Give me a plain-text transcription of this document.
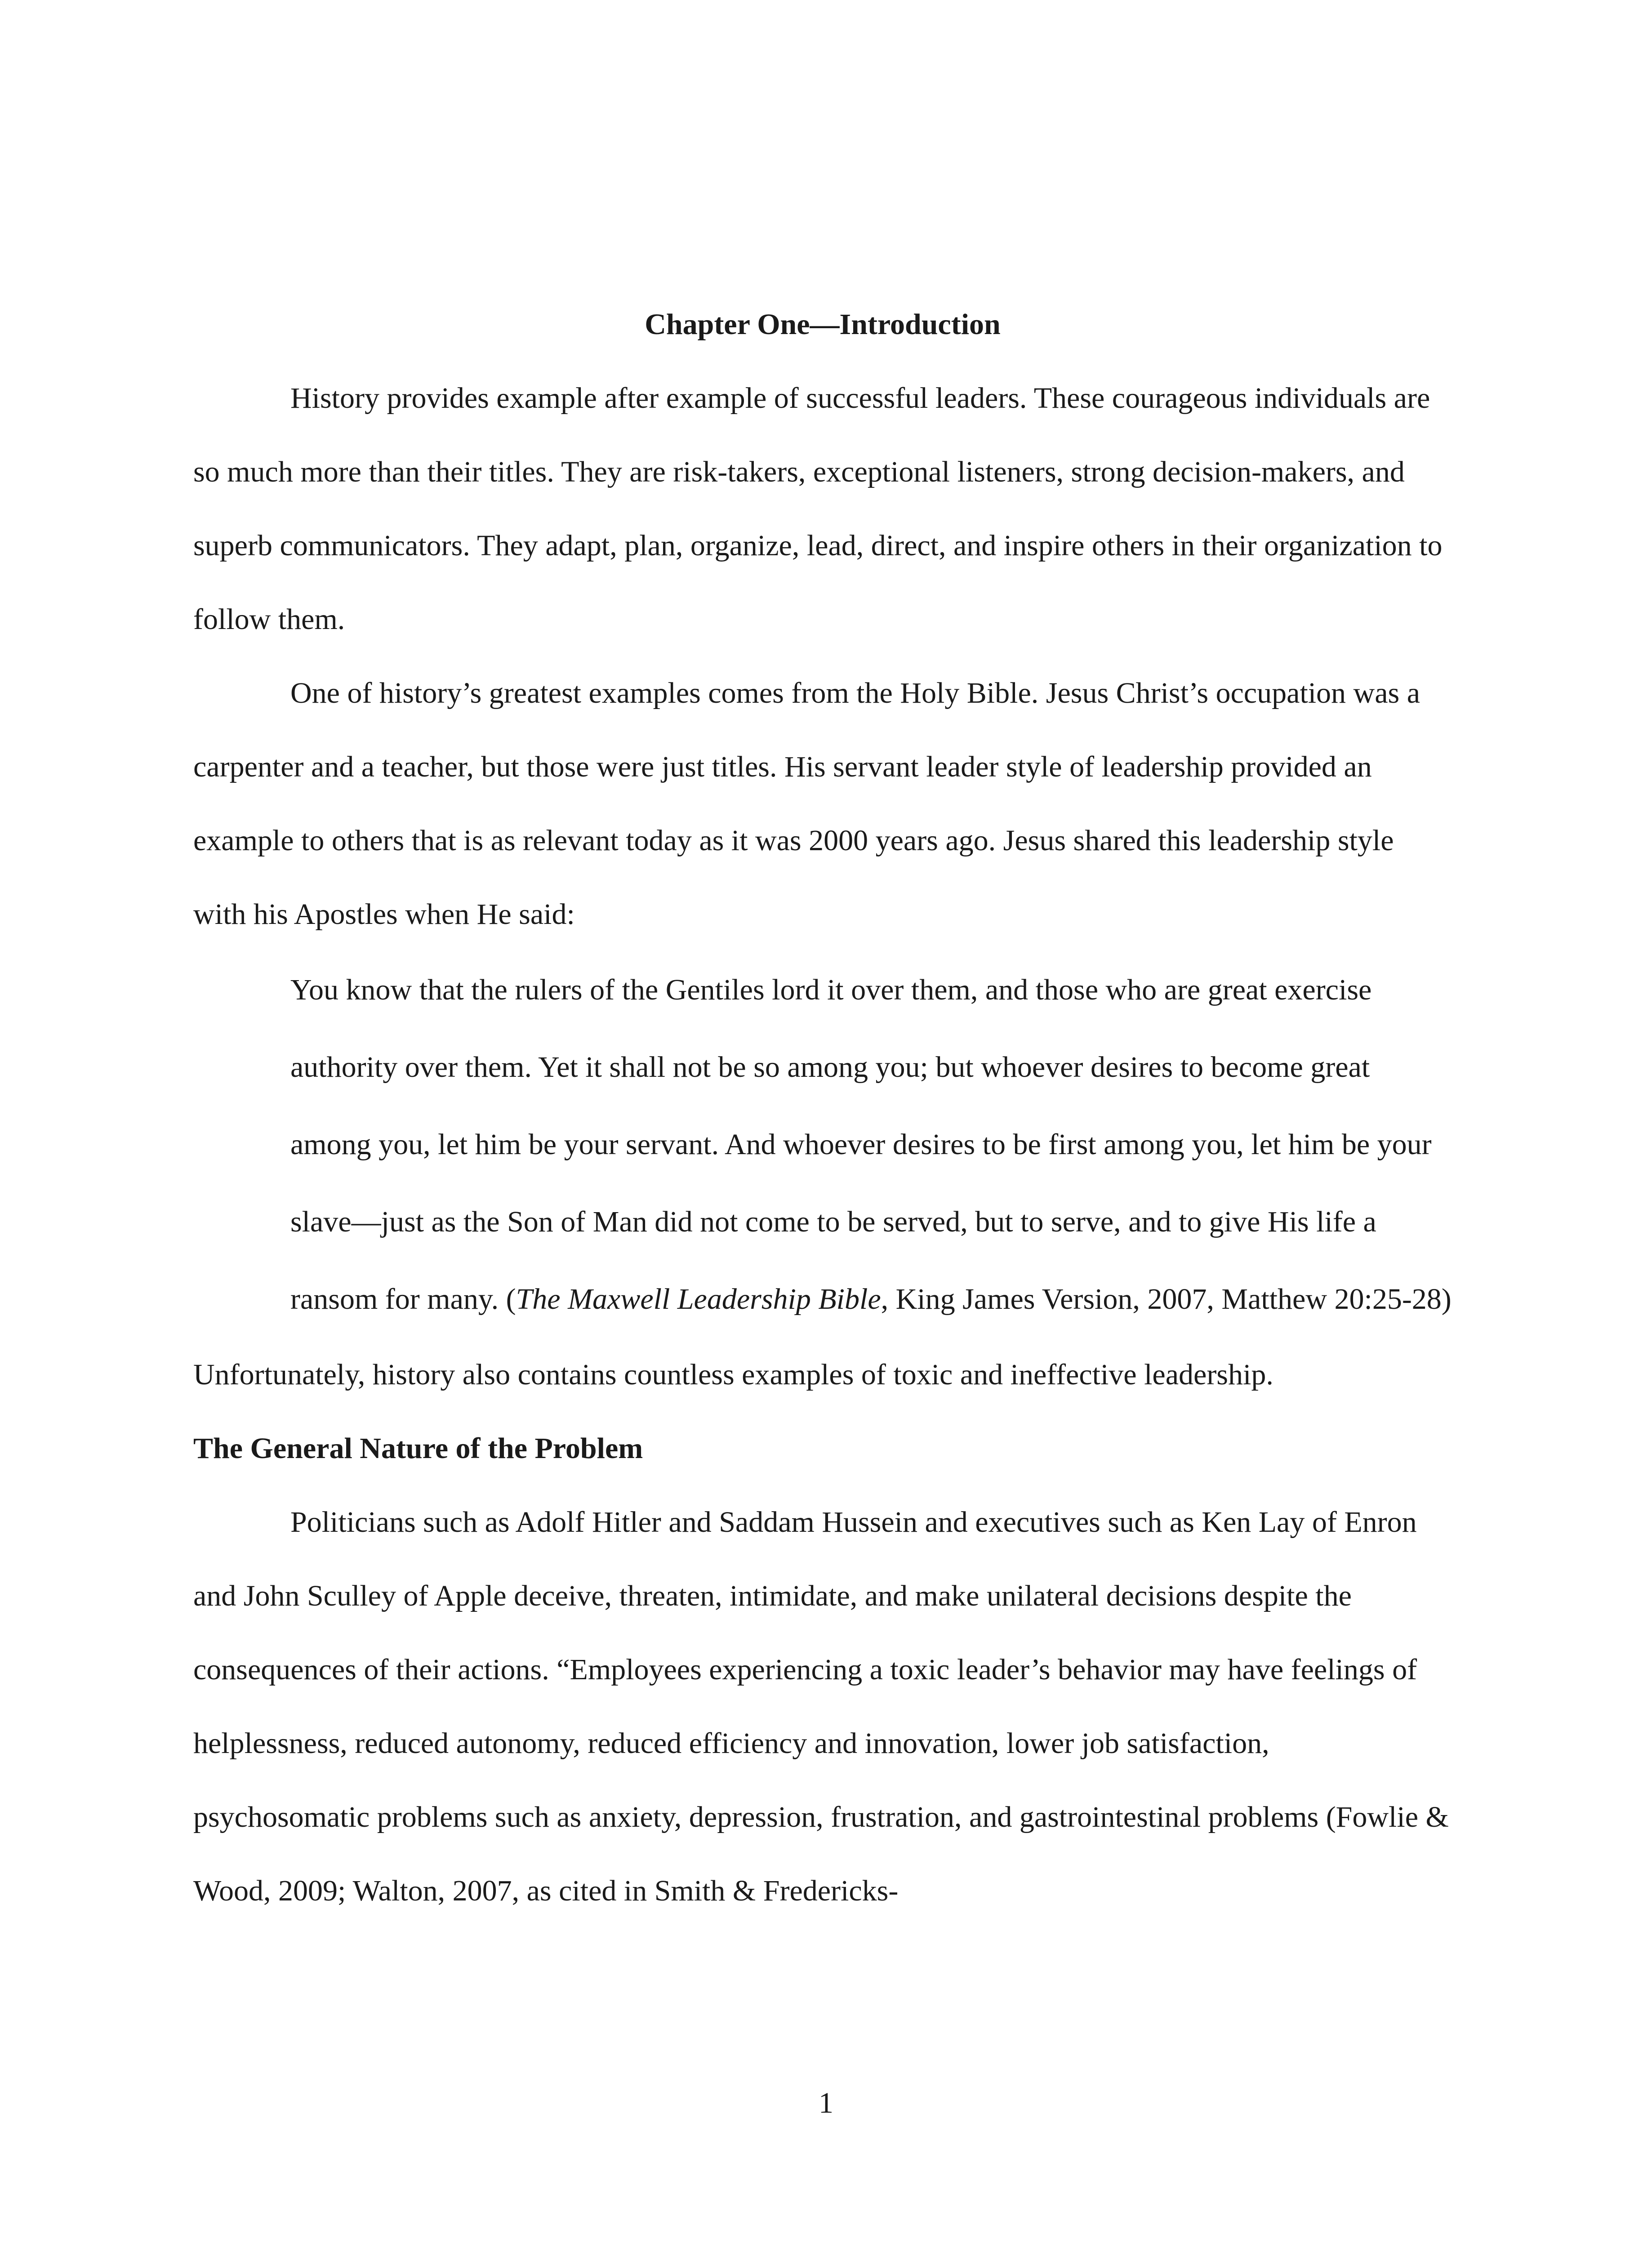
Chapter One—Introduction

History provides example after example of successful leaders. These courageous individuals are so much more than their titles. They are risk-takers, exceptional listeners, strong decision-makers, and superb communicators. They adapt, plan, organize, lead, direct, and inspire others in their organization to follow them.

One of history’s greatest examples comes from the Holy Bible. Jesus Christ’s occupation was a carpenter and a teacher, but those were just titles. His servant leader style of leadership provided an example to others that is as relevant today as it was 2000 years ago. Jesus shared this leadership style with his Apostles when He said:

You know that the rulers of the Gentiles lord it over them, and those who are great exercise authority over them. Yet it shall not be so among you; but whoever desires to become great among you, let him be your servant. And whoever desires to be first among you, let him be your slave—just as the Son of Man did not come to be served, but to serve, and to give His life a ransom for many. (The Maxwell Leadership Bible, King James Version, 2007, Matthew 20:25-28)

Unfortunately, history also contains countless examples of toxic and ineffective leadership.

The General Nature of the Problem

Politicians such as Adolf Hitler and Saddam Hussein and executives such as Ken Lay of Enron and John Sculley of Apple deceive, threaten, intimidate, and make unilateral decisions despite the consequences of their actions. “Employees experiencing a toxic leader’s behavior may have feelings of helplessness, reduced autonomy, reduced efficiency and innovation, lower job satisfaction, psychosomatic problems such as anxiety, depression, frustration, and gastrointestinal problems (Fowlie & Wood, 2009; Walton, 2007, as cited in Smith & Fredericks-

1
